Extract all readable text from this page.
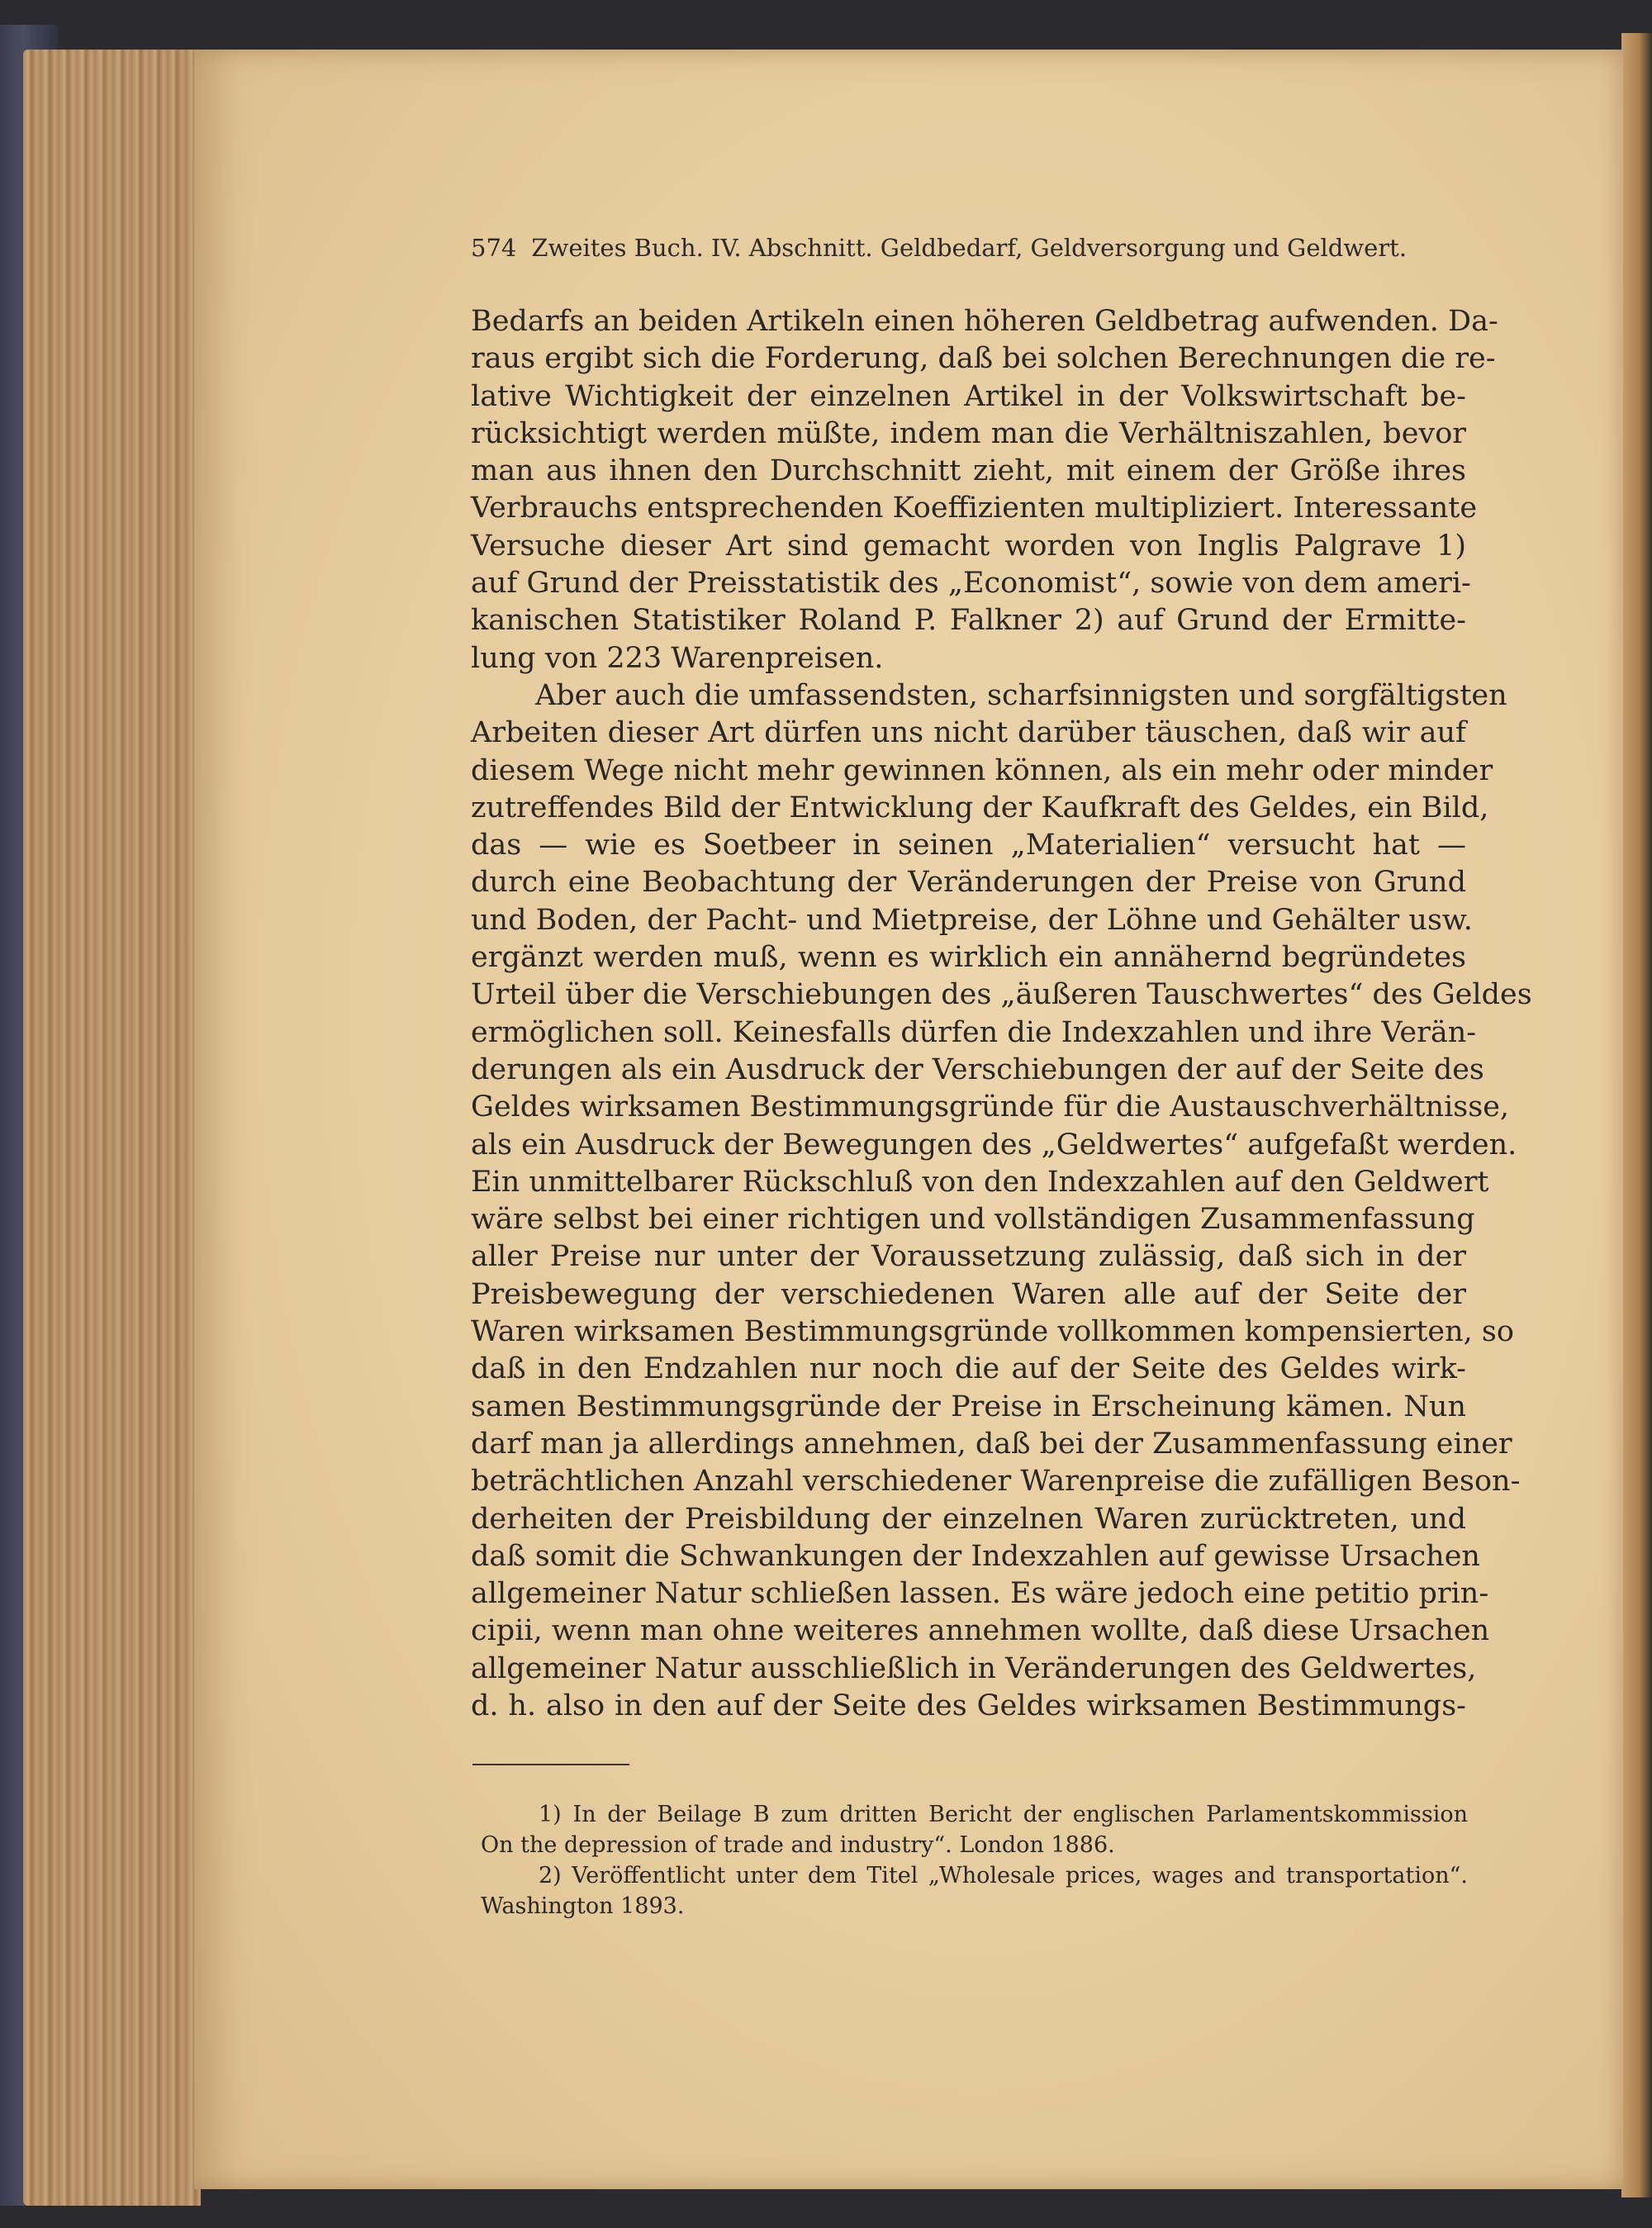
574 Zweites Buch. IV. Abschnitt. Geldbedarf, Geldversorgung und Geldwert.
Bedarfs an beiden Artikeln einen höheren Geldbetrag aufwenden. Da-
raus ergibt sich die Forderung, daß bei solchen Berechnungen die re-
lative Wichtigkeit der einzelnen Artikel in der Volkswirtschaft be-
rücksichtigt werden müßte, indem man die Verhältniszahlen, bevor
man aus ihnen den Durchschnitt zieht, mit einem der Größe ihres
Verbrauchs entsprechenden Koeffizienten multipliziert. Interessante
Versuche dieser Art sind gemacht worden von Inglis Palgrave 1)
auf Grund der Preisstatistik des „Economist“, sowie von dem ameri-
kanischen Statistiker Roland P. Falkner 2) auf Grund der Ermitte-
lung von 223 Warenpreisen.
Aber auch die umfassendsten, scharfsinnigsten und sorgfältigsten
Arbeiten dieser Art dürfen uns nicht darüber täuschen, daß wir auf
diesem Wege nicht mehr gewinnen können, als ein mehr oder minder
zutreffendes Bild der Entwicklung der Kaufkraft des Geldes, ein Bild,
das — wie es Soetbeer in seinen „Materialien“ versucht hat —
durch eine Beobachtung der Veränderungen der Preise von Grund
und Boden, der Pacht- und Mietpreise, der Löhne und Gehälter usw.
ergänzt werden muß, wenn es wirklich ein annähernd begründetes
Urteil über die Verschiebungen des „äußeren Tauschwertes“ des Geldes
ermöglichen soll. Keinesfalls dürfen die Indexzahlen und ihre Verän-
derungen als ein Ausdruck der Verschiebungen der auf der Seite des
Geldes wirksamen Bestimmungsgründe für die Austauschverhältnisse,
als ein Ausdruck der Bewegungen des „Geldwertes“ aufgefaßt werden.
Ein unmittelbarer Rückschluß von den Indexzahlen auf den Geldwert
wäre selbst bei einer richtigen und vollständigen Zusammenfassung
aller Preise nur unter der Voraussetzung zulässig, daß sich in der
Preisbewegung der verschiedenen Waren alle auf der Seite der
Waren wirksamen Bestimmungsgründe vollkommen kompensierten, so
daß in den Endzahlen nur noch die auf der Seite des Geldes wirk-
samen Bestimmungsgründe der Preise in Erscheinung kämen. Nun
darf man ja allerdings annehmen, daß bei der Zusammenfassung einer
beträchtlichen Anzahl verschiedener Warenpreise die zufälligen Beson-
derheiten der Preisbildung der einzelnen Waren zurücktreten, und
daß somit die Schwankungen der Indexzahlen auf gewisse Ursachen
allgemeiner Natur schließen lassen. Es wäre jedoch eine petitio prin-
cipii, wenn man ohne weiteres annehmen wollte, daß diese Ursachen
allgemeiner Natur ausschließlich in Veränderungen des Geldwertes,
d. h. also in den auf der Seite des Geldes wirksamen Bestimmungs-
1) In der Beilage B zum dritten Bericht der englischen Parlamentskommission
On the depression of trade and industry“. London 1886.
2) Veröffentlicht unter dem Titel „Wholesale prices, wages and transportation“.
Washington 1893.
